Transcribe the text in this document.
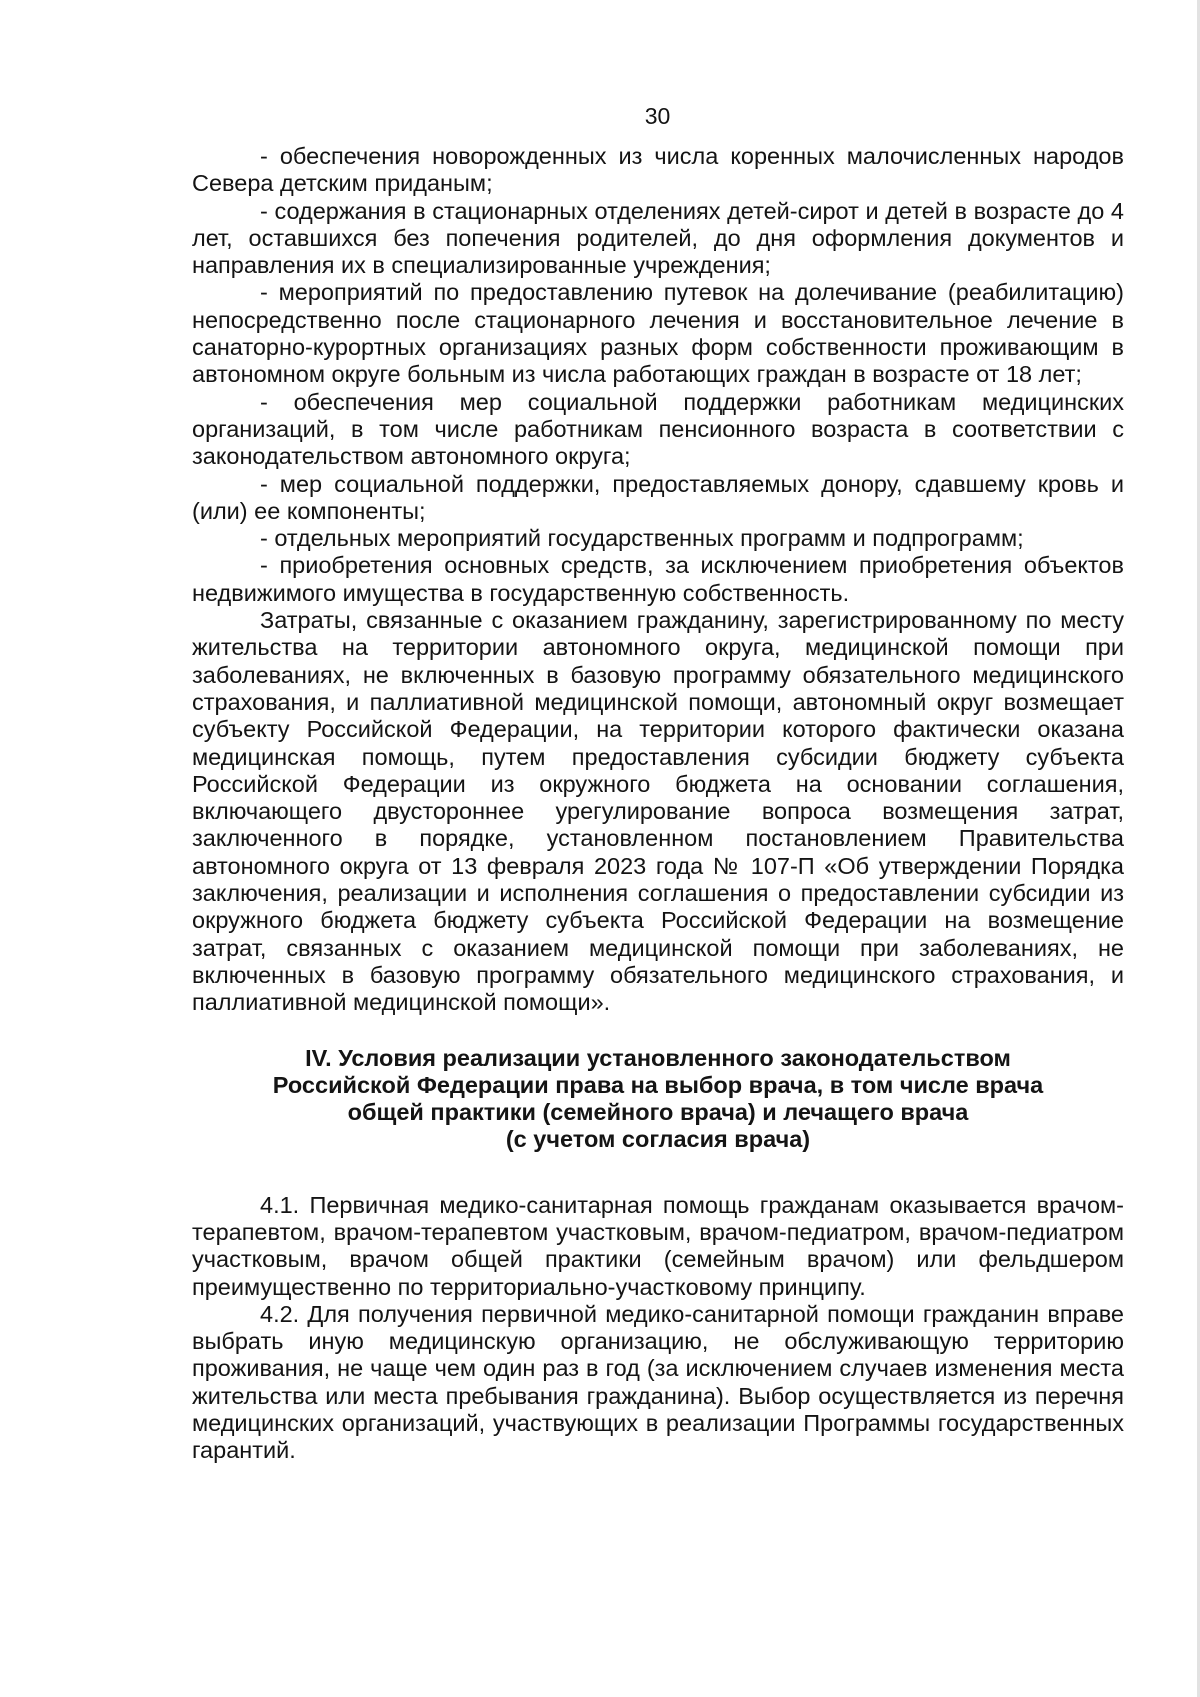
30

- обеспечения новорожденных из числа коренных малочисленных народов Севера детским приданым;

- содержания в стационарных отделениях детей-сирот и детей в возрасте до 4 лет, оставшихся без попечения родителей, до дня оформления документов и направления их в специализированные учреждения;

- мероприятий по предоставлению путевок на долечивание (реабилитацию) непосредственно после стационарного лечения и восстановительное лечение в санаторно-курортных организациях разных форм собственности проживающим в автономном округе больным из числа работающих граждан в возрасте от 18 лет;

- обеспечения мер социальной поддержки работникам медицинских организаций, в том числе работникам пенсионного возраста в соответствии с законодательством автономного округа;

- мер социальной поддержки, предоставляемых донору, сдавшему кровь и (или) ее компоненты;

- отдельных мероприятий государственных программ и подпрограмм;

- приобретения основных средств, за исключением приобретения объектов недвижимого имущества в государственную собственность.

Затраты, связанные с оказанием гражданину, зарегистрированному по месту жительства на территории автономного округа, медицинской помощи при заболеваниях, не включенных в базовую программу обязательного медицинского страхования, и паллиативной медицинской помощи, автономный округ возмещает субъекту Российской Федерации, на территории которого фактически оказана медицинская помощь, путем предоставления субсидии бюджету субъекта Российской Федерации из окружного бюджета на основании соглашения, включающего двустороннее урегулирование вопроса возмещения затрат, заключенного в порядке, установленном постановлением Правительства автономного округа от 13 февраля 2023 года № 107-П «Об утверждении Порядка заключения, реализации и исполнения соглашения о предоставлении субсидии из окружного бюджета бюджету субъекта Российской Федерации на возмещение затрат, связанных с оказанием медицинской помощи при заболеваниях, не включенных в базовую программу обязательного медицинского страхования, и паллиативной медицинской помощи».

IV. Условия реализации установленного законодательством
Российской Федерации права на выбор врача, в том числе врача
общей практики (семейного врача) и лечащего врача
(с учетом согласия врача)

4.1. Первичная медико-санитарная помощь гражданам оказывается врачом-терапевтом, врачом-терапевтом участковым, врачом-педиатром, врачом-педиатром участковым, врачом общей практики (семейным врачом) или фельдшером преимущественно по территориально-участковому принципу.

4.2. Для получения первичной медико-санитарной помощи гражданин вправе выбрать иную медицинскую организацию, не обслуживающую территорию проживания, не чаще чем один раз в год (за исключением случаев изменения места жительства или места пребывания гражданина). Выбор осуществляется из перечня медицинских организаций, участвующих в реализации Программы государственных гарантий.
